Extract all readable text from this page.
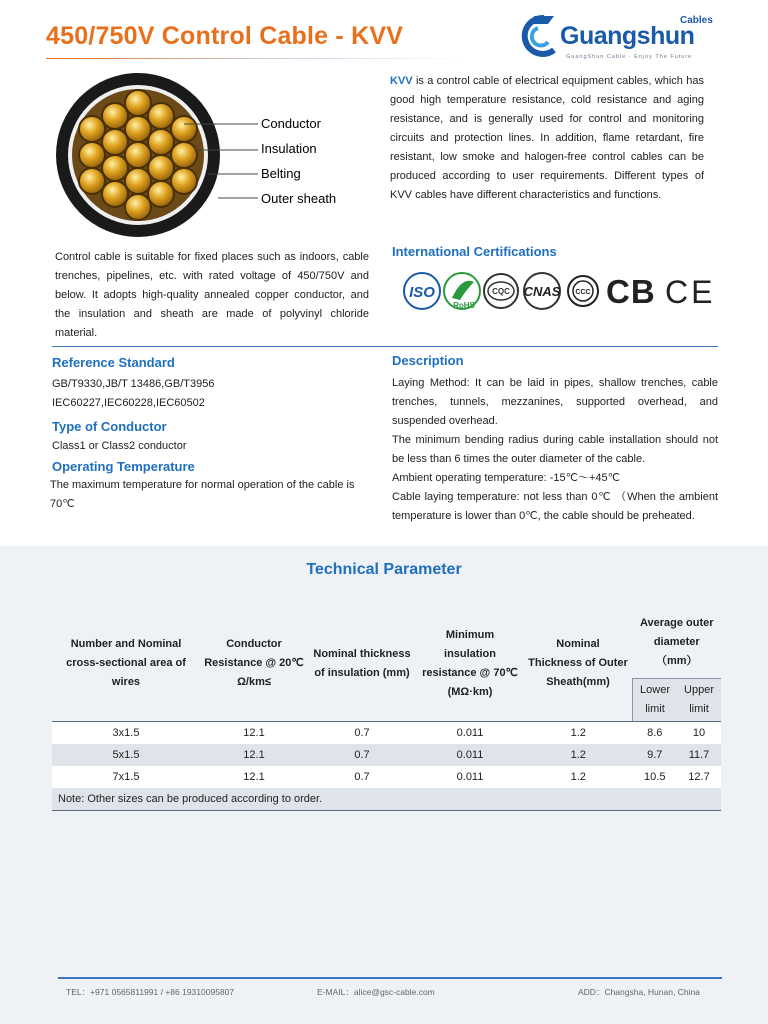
450/750V Control Cable - KVV	Guangshun
Cables
GuangShun Cable · Enjoy The Future
Conductor
Insulation
Belting
Outer sheath
KVV is a control cable of electrical equipment cables, which has good high temperature resistance, cold resistance and aging resistance, and is generally used for control and monitoring circuits and protection lines. In addition, flame retardant, fire resistant, low smoke and halogen-free control cables can be produced according to user requirements. Different types of KVV cables have different characteristics and functions.
Control cable is suitable for fixed places such as indoors, cable trenches, pipelines, etc. with rated voltage of 450/750V and below. It adopts high-quality annealed copper conductor, and the insulation and sheath are made of polyvinyl chloride material.
International Certifications
ISO
RoHS
CQC CNAS CCC CB CE
Reference Standard
GB/T9330,JB/T 13486,GB/T3956
IEC60227,IEC60228,IEC60502
Type of Conductor
Class1 or Class2 conductor
Operating Temperature
The maximum temperature for normal operation of the cable is 70℃
Description
Laying Method: It can be laid in pipes, shallow trenches, cable trenches, tunnels, mezzanines, supported overhead, and suspended overhead.
The minimum bending radius during cable installation should not be less than 6 times the outer diameter of the cable.
Ambient operating temperature: -15℃～+45℃
Cable laying temperature: not less than 0℃ （When the ambient temperature is lower than 0℃, the cable should be preheated.
Technical Parameter
Number and Nominal cross-sectional area of wires	Conductor Resistance @ 20℃ Ω/km≤	Nominal thickness of insulation (mm)	Minimum insulation resistance @ 70℃(MΩ·km)	Nominal Thickness of Outer Sheath(mm)	Average outer diameter（mm）	
					Lower limit	Upper limit

3x1.5	12.1	0.7	0.011	1.2	8.6	10
5x1.5	12.1	0.7	0.011	1.2	9.7	11.7
7x1.5	12.1	0.7	0.011	1.2	10.5	12.7
Note: Other sizes can be produced according to order.						
TEL：+971 0565811991 / +86 19310095807	E-MAIL：alice@gsc-cable.com	ADD：Changsha, Hunan, China
